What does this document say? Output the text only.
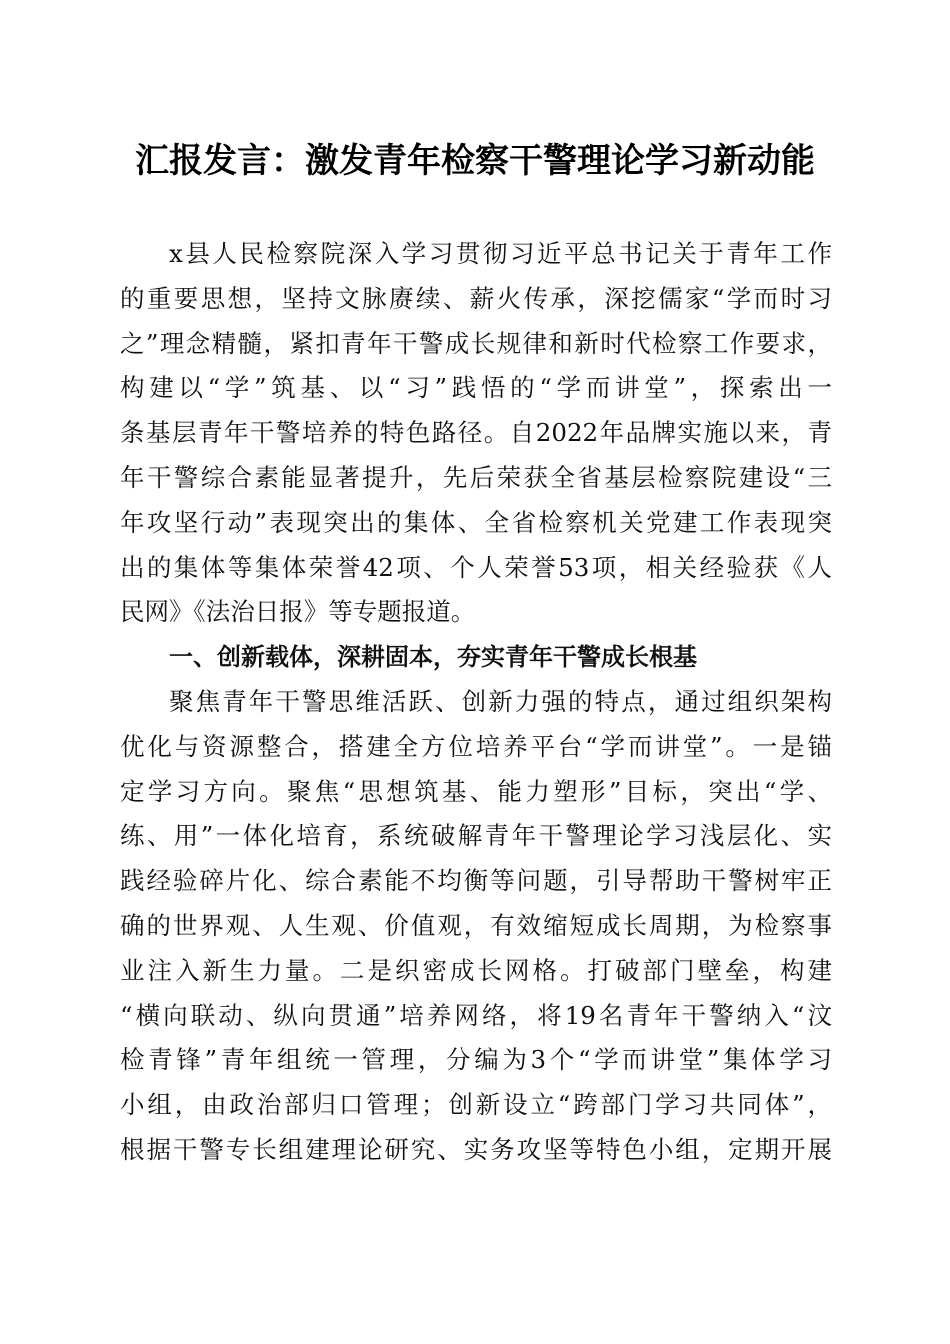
汇报发言：激发青年检察干警理论学习新动能
x县人民检察院深入学习贯彻习近平总书记关于青年工作
的重要思想，坚持文脉赓续、薪火传承，深挖儒家“学而时习
之”理念精髓，紧扣青年干警成长规律和新时代检察工作要求，
构建以“学”筑基、以“习”践悟的“学而讲堂”，探索出一
条基层青年干警培养的特色路径。自2022年品牌实施以来，青
年干警综合素能显著提升，先后荣获全省基层检察院建设“三
年攻坚行动”表现突出的集体、全省检察机关党建工作表现突
出的集体等集体荣誉42项、个人荣誉53项，相关经验获《人
民网》《法治日报》等专题报道。
一、创新载体，深耕固本，夯实青年干警成长根基
聚焦青年干警思维活跃、创新力强的特点，通过组织架构
优化与资源整合，搭建全方位培养平台“学而讲堂”。一是锚
定学习方向。聚焦“思想筑基、能力塑形”目标，突出“学、
练、用”一体化培育，系统破解青年干警理论学习浅层化、实
践经验碎片化、综合素能不均衡等问题，引导帮助干警树牢正
确的世界观、人生观、价值观，有效缩短成长周期，为检察事
业注入新生力量。二是织密成长网格。打破部门壁垒，构建
“横向联动、纵向贯通”培养网络，将19名青年干警纳入“汶
检青锋”青年组统一管理，分编为3个“学而讲堂”集体学习
小组，由政治部归口管理；创新设立“跨部门学习共同体”，
根据干警专长组建理论研究、实务攻坚等特色小组，定期开展
